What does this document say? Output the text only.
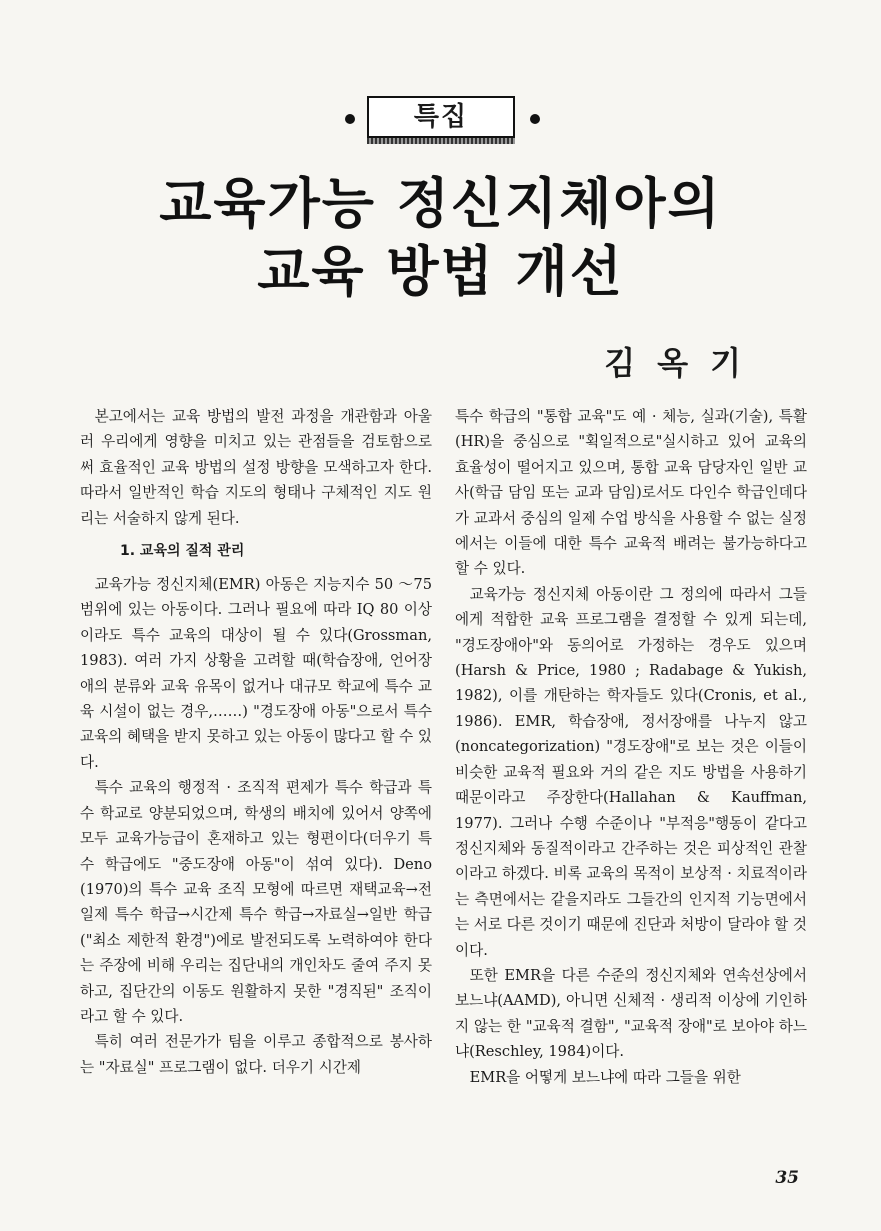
특집
교육가능 정신지체아의
교육 방법 개선
김옥기

본고에서는 교육 방법의 발전 과정을 개관함과 아울러 우리에게 영향을 미치고 있는 관점들을 검토함으로써 효율적인 교육 방법의 설정 방향을 모색하고자 한다. 따라서 일반적인 학습 지도의 형태나 구체적인 지도 원리는 서술하지 않게 된다.

1. 교육의 질적 관리

교육가능 정신지체(EMR) 아동은 지능지수 50 ～75 범위에 있는 아동이다. 그러나 필요에 따라 IQ 80 이상이라도 특수 교육의 대상이 될 수 있다(Grossman, 1983). 여러 가지 상황을 고려할 때(학습장애, 언어장애의 분류와 교육 유목이 없거나 대규모 학교에 특수 교육 시설이 없는 경우,……) "경도장애 아동"으로서 특수 교육의 혜택을 받지 못하고 있는 아동이 많다고 할 수 있다.

특수 교육의 행정적 · 조직적 편제가 특수 학급과 특수 학교로 양분되었으며, 학생의 배치에 있어서 양쪽에 모두 교육가능급이 혼재하고 있는 형편이다(더우기 특수 학급에도 "중도장애 아동"이 섞여 있다). Deno (1970)의 특수 교육 조직 모형에 따르면 재택교육→전일제 특수 학급→시간제 특수 학급→자료실→일반 학급("최소 제한적 환경")에로 발전되도록 노력하여야 한다는 주장에 비해 우리는 집단내의 개인차도 줄여 주지 못하고, 집단간의 이동도 원활하지 못한 "경직된" 조직이라고 할 수 있다.

특히 여러 전문가가 팀을 이루고 종합적으로 봉사하는 "자료실" 프로그램이 없다. 더우기 시간제

특수 학급의 "통합 교육"도 예 · 체능, 실과(기술), 특활(HR)을 중심으로 "획일적으로"실시하고 있어 교육의 효율성이 떨어지고 있으며, 통합 교육 담당자인 일반 교사(학급 담임 또는 교과 담임)로서도 다인수 학급인데다가 교과서 중심의 일제 수업 방식을 사용할 수 없는 실정에서는 이들에 대한 특수 교육적 배려는 불가능하다고 할 수 있다.

교육가능 정신지체 아동이란 그 정의에 따라서 그들에게 적합한 교육 프로그램을 결정할 수 있게 되는데, "경도장애아"와 동의어로 가정하는 경우도 있으며(Harsh & Price, 1980 ; Radabage & Yukish, 1982), 이를 개탄하는 학자들도 있다(Cronis, et al., 1986). EMR, 학습장애, 정서장애를 나누지 않고(noncategorization) "경도장애"로 보는 것은 이들이 비슷한 교육적 필요와 거의 같은 지도 방법을 사용하기 때문이라고 주장한다(Hallahan & Kauffman, 1977). 그러나 수행 수준이나 "부적응"행동이 같다고 정신지체와 동질적이라고 간주하는 것은 피상적인 관찰이라고 하겠다. 비록 교육의 목적이 보상적 · 치료적이라는 측면에서는 같을지라도 그들간의 인지적 기능면에서는 서로 다른 것이기 때문에 진단과 처방이 달라야 할 것이다.

또한 EMR을 다른 수준의 정신지체와 연속선상에서 보느냐(AAMD), 아니면 신체적 · 생리적 이상에 기인하지 않는 한 "교육적 결함", "교육적 장애"로 보아야 하느냐(Reschley, 1984)이다.

EMR을 어떻게 보느냐에 따라 그들을 위한

35
